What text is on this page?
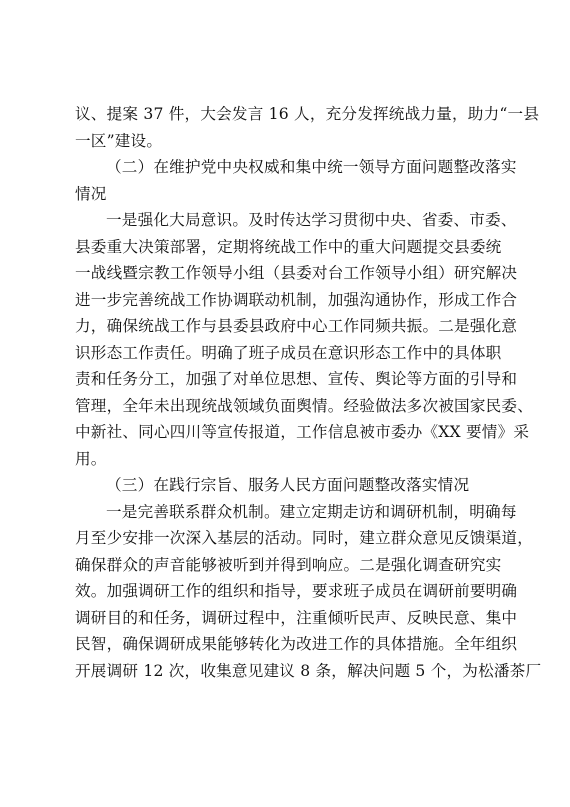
议、提案 37 件，大会发言 16 人，充分发挥统战力量，助力“一县
一区”建设。
（二）在维护党中央权威和集中统一领导方面问题整改落实
情况
一是强化大局意识。及时传达学习贯彻中央、省委、市委、
县委重大决策部署，定期将统战工作中的重大问题提交县委统
一战线暨宗教工作领导小组（县委对台工作领导小组）研究解决
进一步完善统战工作协调联动机制，加强沟通协作，形成工作合
力，确保统战工作与县委县政府中心工作同频共振。二是强化意
识形态工作责任。明确了班子成员在意识形态工作中的具体职
责和任务分工，加强了对单位思想、宣传、舆论等方面的引导和
管理，全年未出现统战领域负面舆情。经验做法多次被国家民委、
中新社、同心四川等宣传报道，工作信息被市委办《XX 要情》采
用。
（三）在践行宗旨、服务人民方面问题整改落实情况
一是完善联系群众机制。建立定期走访和调研机制，明确每
月至少安排一次深入基层的活动。同时，建立群众意见反馈渠道，
确保群众的声音能够被听到并得到响应。二是强化调查研究实
效。加强调研工作的组织和指导，要求班子成员在调研前要明确
调研目的和任务，调研过程中，注重倾听民声、反映民意、集中
民智，确保调研成果能够转化为改进工作的具体措施。全年组织
开展调研 12 次，收集意见建议 8 条，解决问题 5 个，为松潘茶厂
